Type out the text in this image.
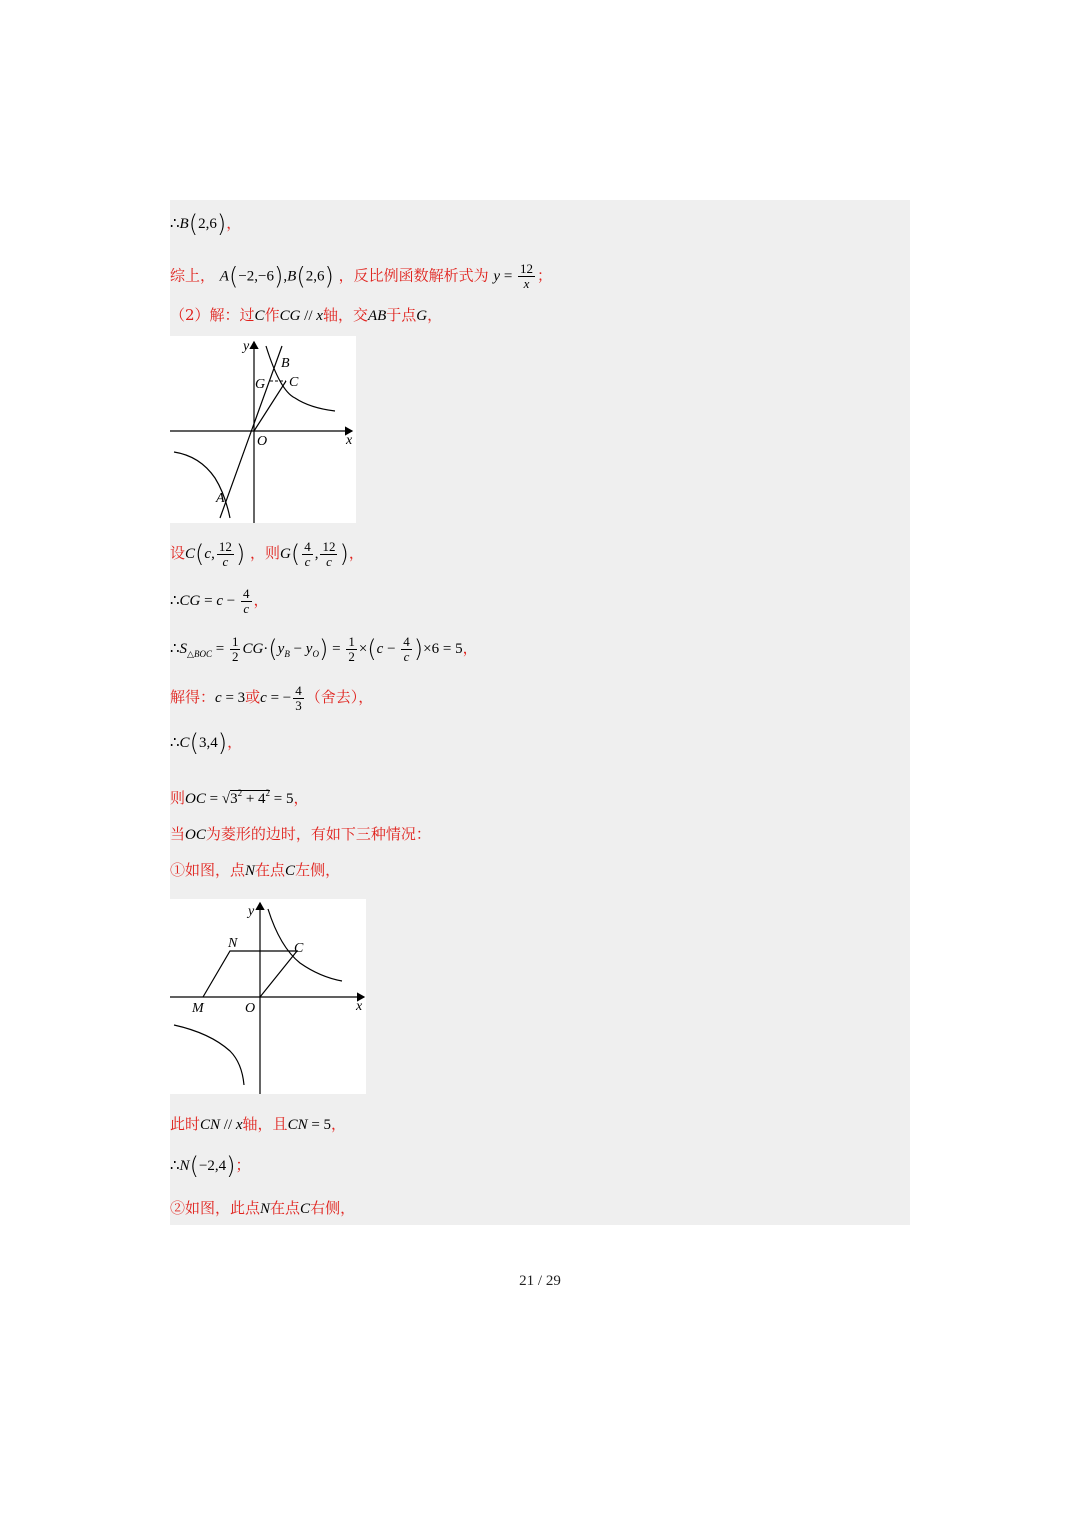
∴B(2,6)，
综上， A(−2,−6),B(2,6) ，反比例函数解析式为 $y = \frac{12}{x}$ ；
（2）解：过C作CG // x轴，交AB于点G，
y
x
O
A
B
G C
设C(c, $\frac{12}{c}$ ) ，则$G( \frac{4}{c}$ , $\frac{12}{c}$ )，
∴CG = $c - \frac{4}{c}$ ，
$\therefore S_{\triangle BOC} = \frac{1}{2} CG\cdot(y_B - y_O) = \frac{1}{2} \times(c - \frac{4}{c} )\times 6 = 5$，
解得：c = 3或c = − $\frac{4}{3}$ （舍去），
∴C(3,4)，
则OC = $√3^2 + 4^2 = 5$，
当OC为菱形的边时，有如下三种情况：
①如图，点N在点C左侧，
y
x
O
M
N	C
此时CN // x轴，且CN = 5，
∴N(−2,4)；
②如图，此点N在点C右侧，
21 / 29
